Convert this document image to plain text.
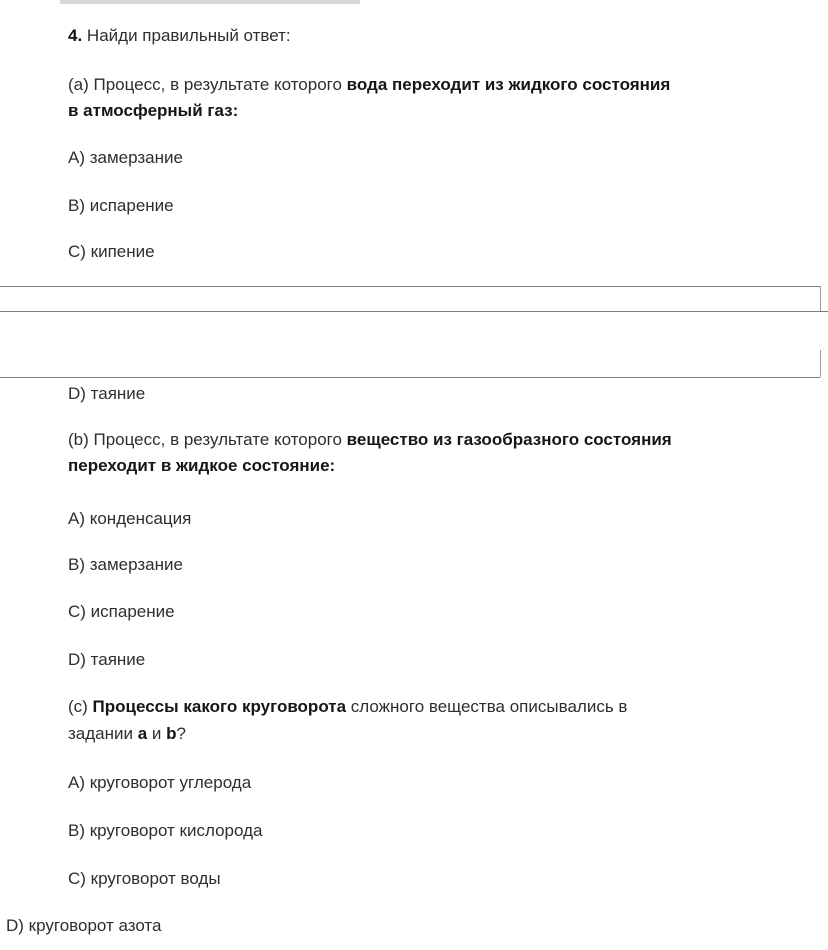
4. Найди правильный ответ:
(a) Процесс, в результате которого вода переходит из жидкого состояния
в атмосферный газ:
A) замерзание
B) испарение
C) кипение
D) таяние
(b) Процесс, в результате которого вещество из газообразного состояния
переходит в жидкое состояние:
A) конденсация
B) замерзание
C) испарение
D) таяние
(c) Процессы какого круговорота сложного вещества описывались в
задании a и b?
A) круговорот углерода
B) круговорот кислорода
C) круговорот воды
D) круговорот азота
